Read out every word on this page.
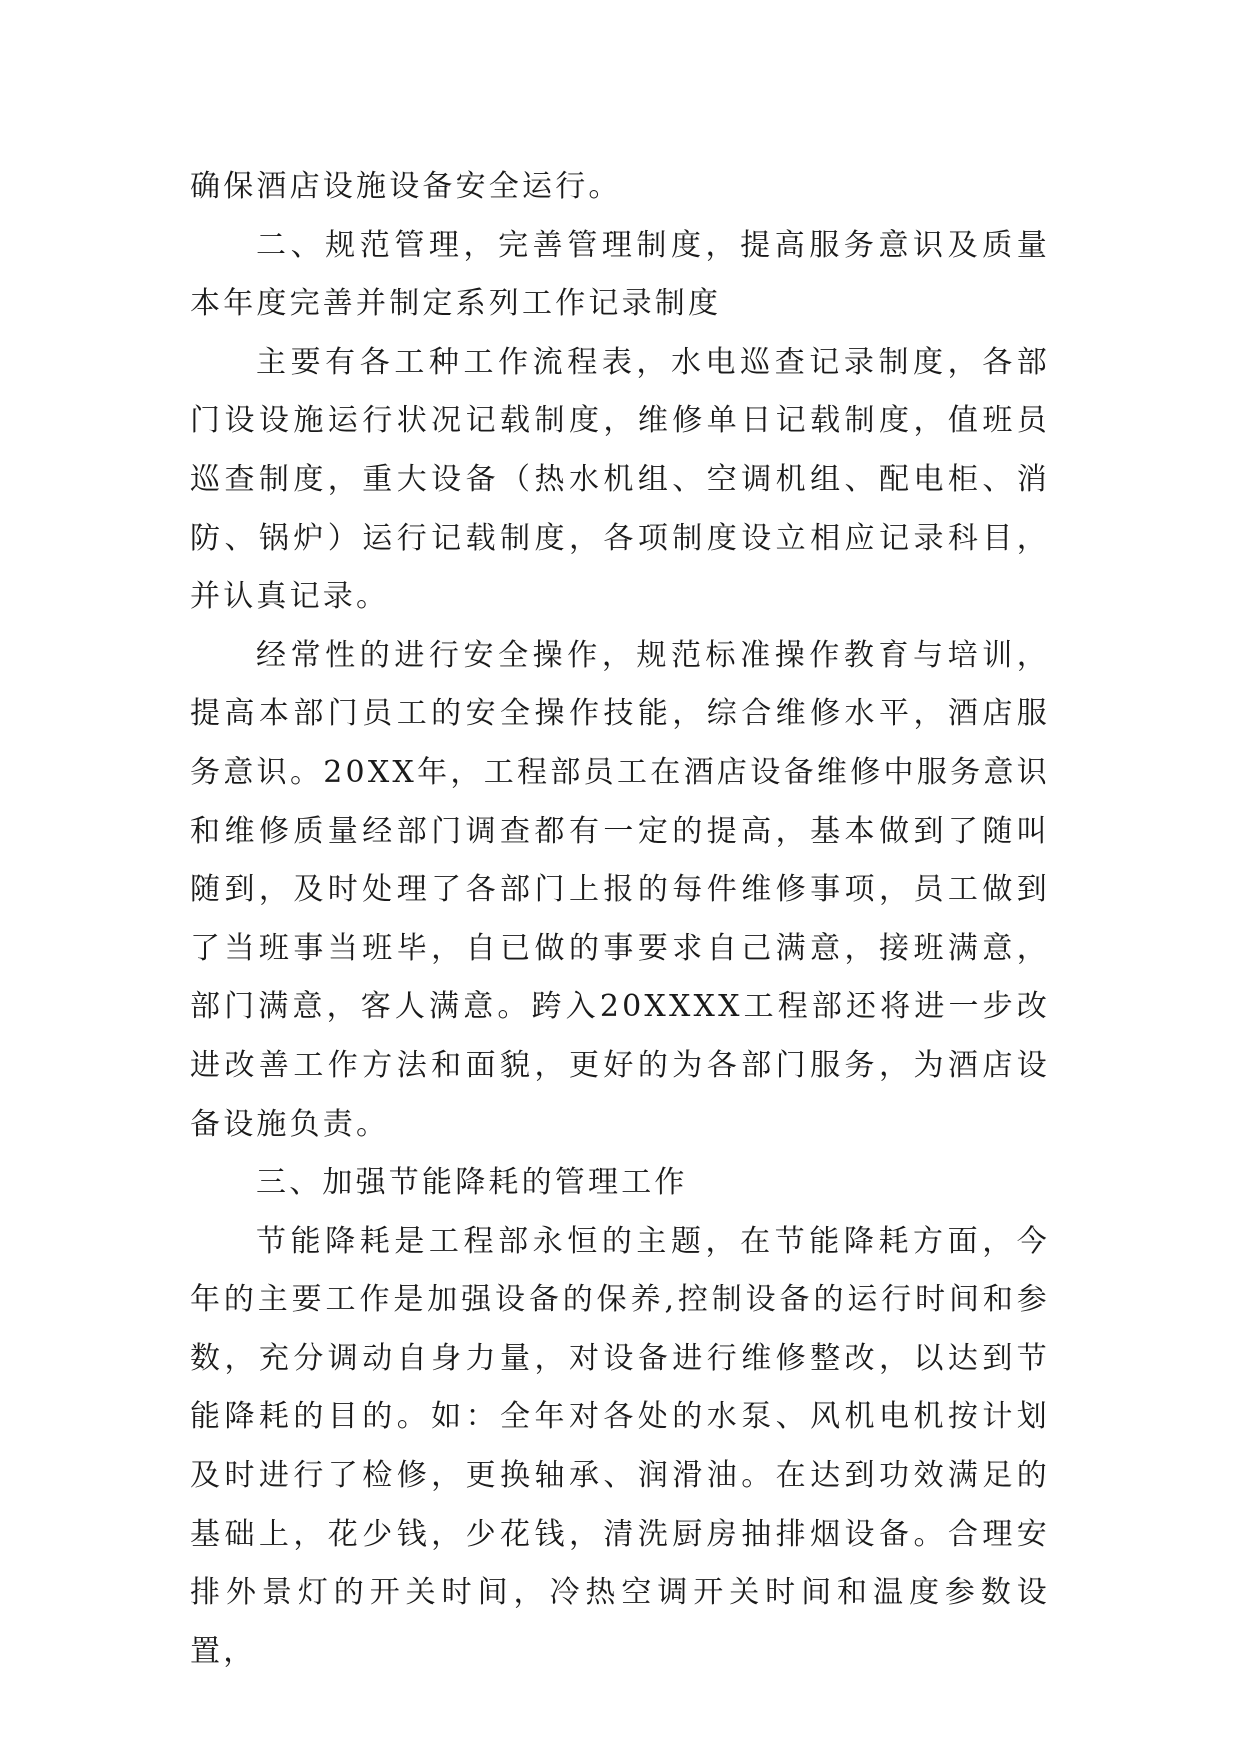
确保酒店设施设备安全运行。

二、规范管理，完善管理制度，提高服务意识及质量本年度完善并制定系列工作记录制度

主要有各工种工作流程表，水电巡查记录制度，各部门设设施运行状况记载制度，维修单日记载制度，值班员巡查制度，重大设备（热水机组、空调机组、配电柜、消防、锅炉）运行记载制度，各项制度设立相应记录科目，并认真记录。

经常性的进行安全操作，规范标准操作教育与培训，提高本部门员工的安全操作技能，综合维修水平，酒店服务意识。20XX年，工程部员工在酒店设备维修中服务意识和维修质量经部门调查都有一定的提高，基本做到了随叫随到，及时处理了各部门上报的每件维修事项，员工做到了当班事当班毕，自已做的事要求自己满意，接班满意，部门满意，客人满意。跨入20XXXX工程部还将进一步改进改善工作方法和面貌，更好的为各部门服务，为酒店设备设施负责。

三、加强节能降耗的管理工作

节能降耗是工程部永恒的主题，在节能降耗方面，今年的主要工作是加强设备的保养,控制设备的运行时间和参数，充分调动自身力量，对设备进行维修整改，以达到节能降耗的目的。如：全年对各处的水泵、风机电机按计划及时进行了检修，更换轴承、润滑油。在达到功效满足的基础上，花少钱，少花钱，清洗厨房抽排烟设备。合理安排外景灯的开关时间，冷热空调开关时间和温度参数设置，
